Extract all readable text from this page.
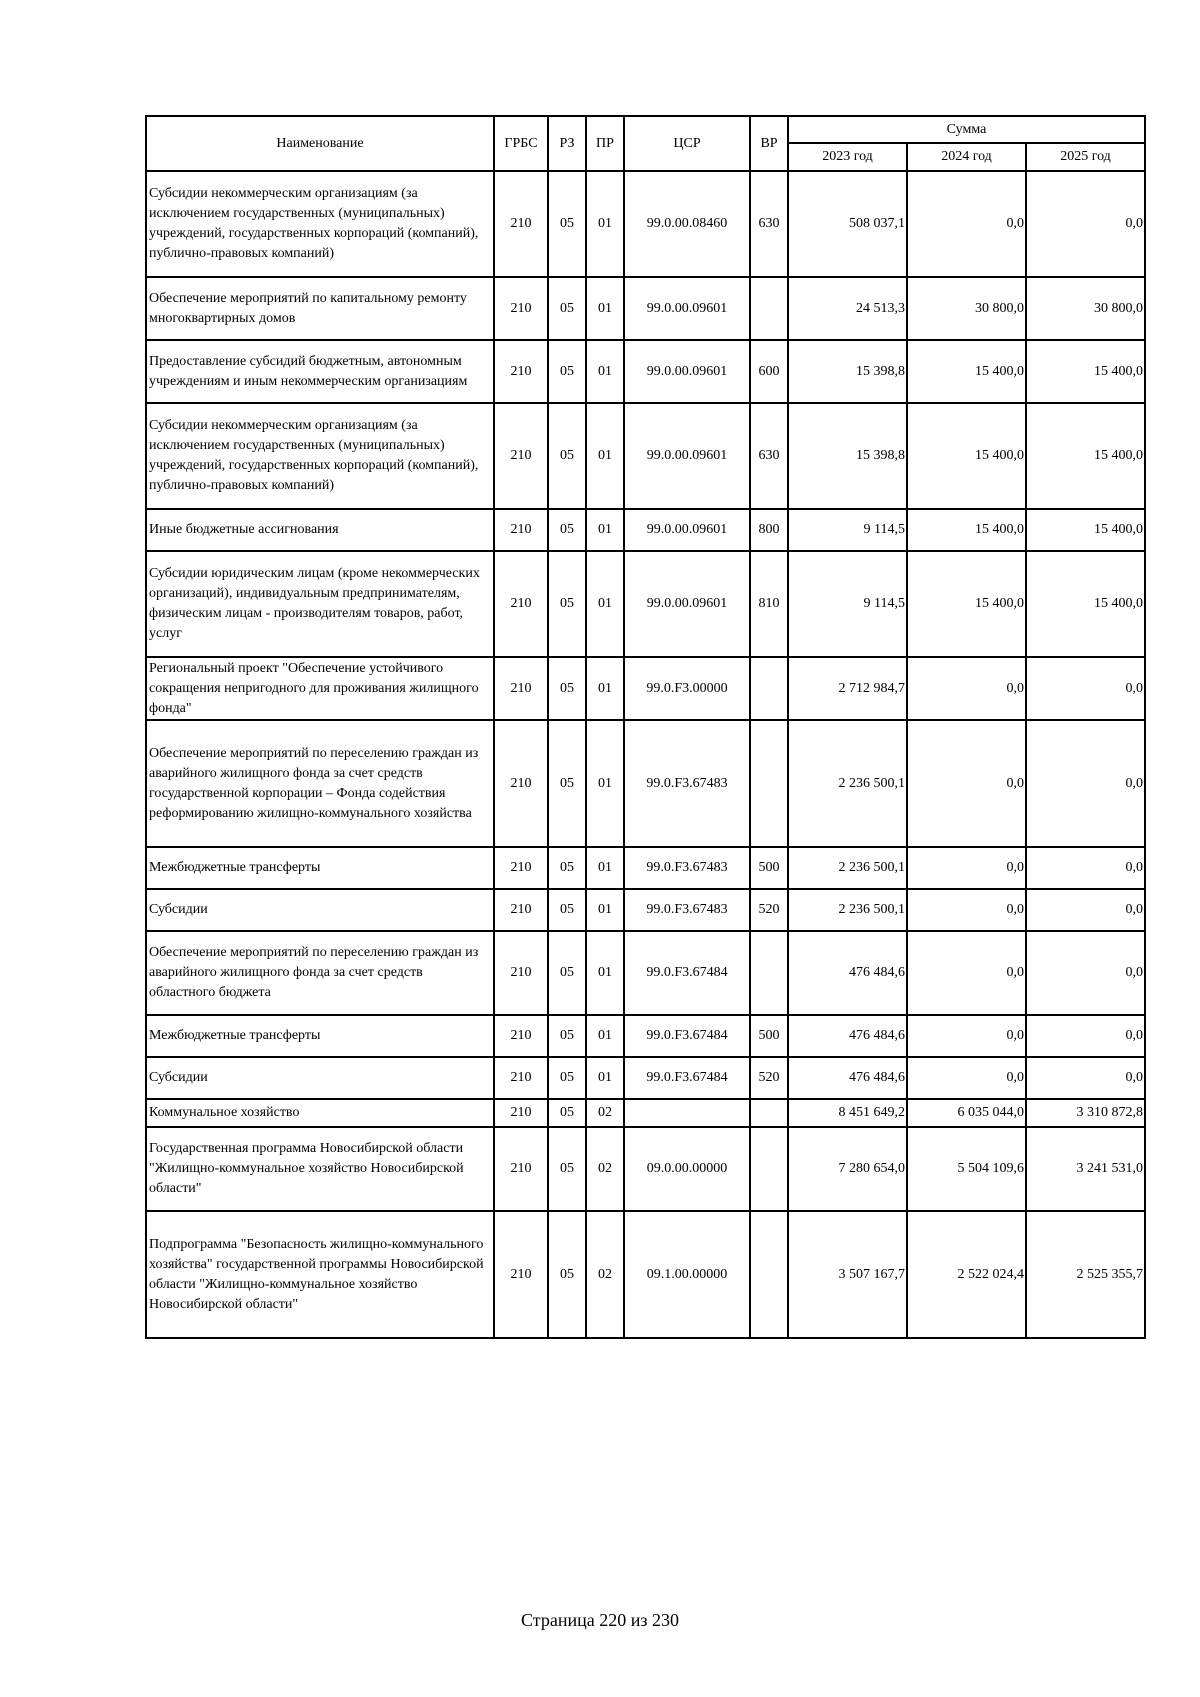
Наименование	ГРБС	РЗ	ПР	ЦСР	ВР	Сумма		
						2023 год	2024 год	2025 год
Субсидии некоммерческим организациям (за исключением государственных (муниципальных) учреждений, государственных корпораций (компаний), публично-правовых компаний)	210	05	01	99.0.00.08460	630	508 037,1	0,0	0,0
Обеспечение мероприятий по капитальному ремонту многоквартирных домов	210	05	01	99.0.00.09601		24 513,3	30 800,0	30 800,0
Предоставление субсидий бюджетным, автономным учреждениям и иным некоммерческим организациям	210	05	01	99.0.00.09601	600	15 398,8	15 400,0	15 400,0
Субсидии некоммерческим организациям (за исключением государственных (муниципальных) учреждений, государственных корпораций (компаний), публично-правовых компаний)	210	05	01	99.0.00.09601	630	15 398,8	15 400,0	15 400,0
Иные бюджетные ассигнования	210	05	01	99.0.00.09601	800	9 114,5	15 400,0	15 400,0
Субсидии юридическим лицам (кроме некоммерческих организаций), индивидуальным предпринимателям, физическим лицам - производителям товаров, работ, услуг	210	05	01	99.0.00.09601	810	9 114,5	15 400,0	15 400,0
Региональный проект "Обеспечение устойчивого сокращения непригодного для проживания жилищного фонда"	210	05	01	99.0.F3.00000		2 712 984,7	0,0	0,0
Обеспечение мероприятий по переселению граждан из аварийного жилищного фонда за счет средств государственной корпорации – Фонда содействия реформированию жилищно-коммунального хозяйства	210	05	01	99.0.F3.67483		2 236 500,1	0,0	0,0
Межбюджетные трансферты	210	05	01	99.0.F3.67483	500	2 236 500,1	0,0	0,0
Субсидии	210	05	01	99.0.F3.67483	520	2 236 500,1	0,0	0,0
Обеспечение мероприятий по переселению граждан из аварийного жилищного фонда за счет средств областного бюджета	210	05	01	99.0.F3.67484		476 484,6	0,0	0,0
Межбюджетные трансферты	210	05	01	99.0.F3.67484	500	476 484,6	0,0	0,0
Субсидии	210	05	01	99.0.F3.67484	520	476 484,6	0,0	0,0
Коммунальное хозяйство	210	05	02			8 451 649,2	6 035 044,0	3 310 872,8
Государственная программа Новосибирской области "Жилищно-коммунальное хозяйство Новосибирской области"	210	05	02	09.0.00.00000		7 280 654,0	5 504 109,6	3 241 531,0
Подпрограмма "Безопасность жилищно-коммунального хозяйства" государственной программы Новосибирской области "Жилищно-коммунальное хозяйство Новосибирской области"	210	05	02	09.1.00.00000		3 507 167,7	2 522 024,4	2 525 355,7
Страница 220 из 230
